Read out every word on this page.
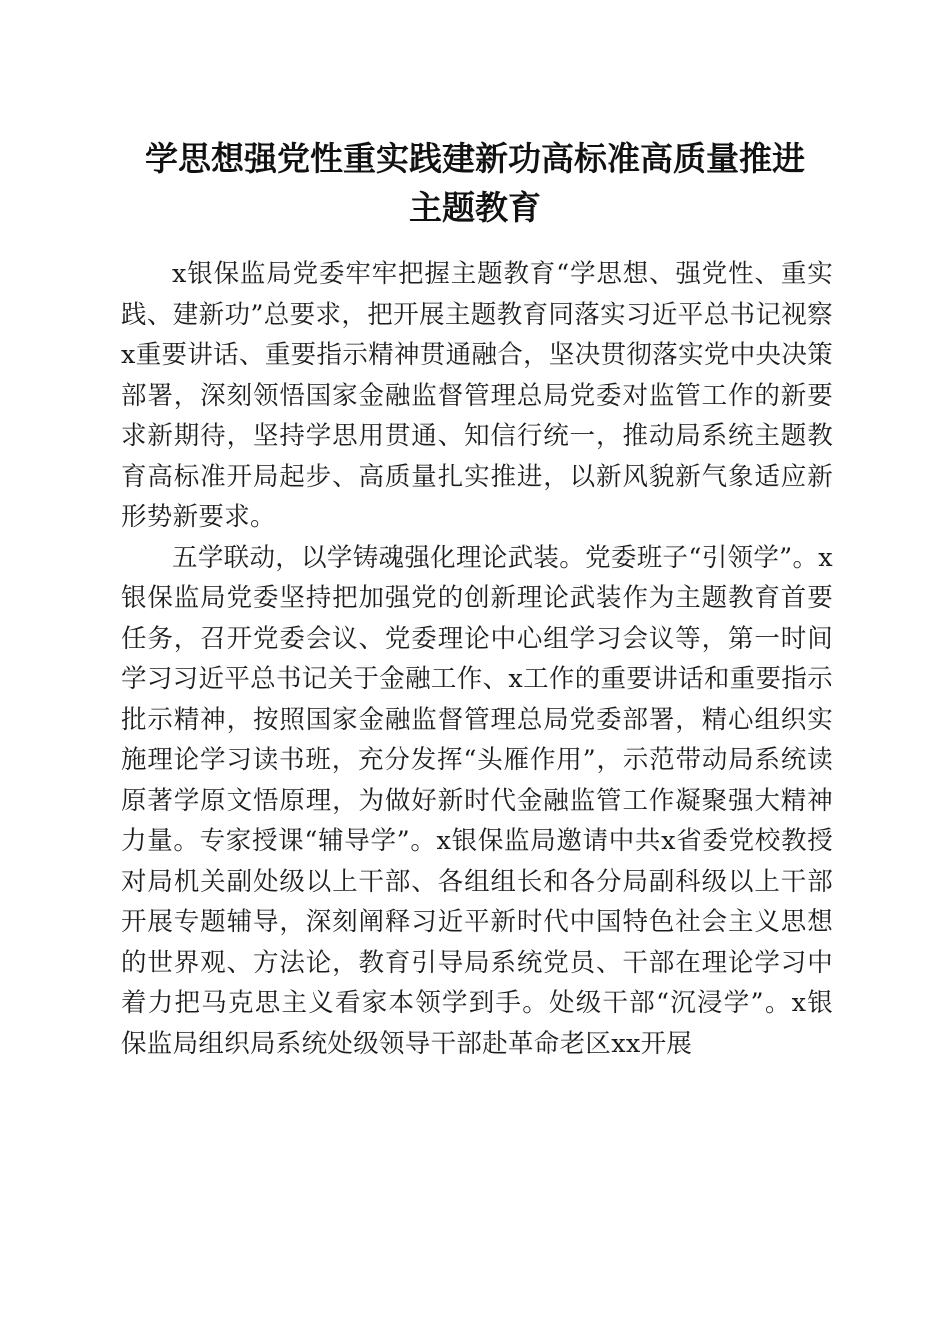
学思想强党性重实践建新功高标准高质量推进
主题教育

x银保监局党委牢牢把握主题教育“学思想、强党性、重实践、建新功”总要求，把开展主题教育同落实习近平总书记视察x重要讲话、重要指示精神贯通融合，坚决贯彻落实党中央决策部署，深刻领悟国家金融监督管理总局党委对监管工作的新要求新期待，坚持学思用贯通、知信行统一，推动局系统主题教育高标准开局起步、高质量扎实推进，以新风貌新气象适应新形势新要求。

五学联动，以学铸魂强化理论武装。党委班子“引领学”。x银保监局党委坚持把加强党的创新理论武装作为主题教育首要任务，召开党委会议、党委理论中心组学习会议等，第一时间学习习近平总书记关于金融工作、x工作的重要讲话和重要指示批示精神，按照国家金融监督管理总局党委部署，精心组织实施理论学习读书班，充分发挥“头雁作用”，示范带动局系统读原著学原文悟原理，为做好新时代金融监管工作凝聚强大精神力量。专家授课“辅导学”。x银保监局邀请中共x省委党校教授对局机关副处级以上干部、各组组长和各分局副科级以上干部开展专题辅导，深刻阐释习近平新时代中国特色社会主义思想的世界观、方法论，教育引导局系统党员、干部在理论学习中着力把马克思主义看家本领学到手。处级干部“沉浸学”。x银保监局组织局系统处级领导干部赴革命老区xx开展
